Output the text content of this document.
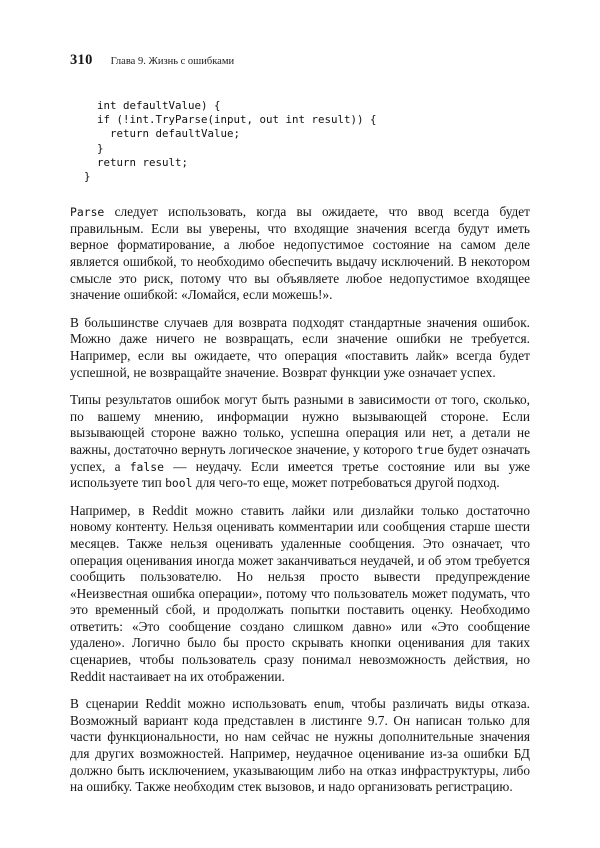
310 Глава 9. Жизнь с ошибками
int defaultValue) {
if (!int.TryParse(input, out int result)) {
return defaultValue;
}
return result;
}

Parse следует использовать, когда вы ожидаете, что ввод всегда будет правильным. Если вы уверены, что входящие значения всегда будут иметь верное форматирование, а любое недопустимое состояние на самом деле является ошибкой, то необходимо обеспечить выдачу исключений. В некотором смысле это риск, потому что вы объявляете любое недопустимое входящее значение ошибкой: «Ломайся, если можешь!».

В большинстве случаев для возврата подходят стандартные значения ошибок. Можно даже ничего не возвращать, если значение ошибки не требуется. Например, если вы ожидаете, что операция «поставить лайк» всегда будет успешной, не возвращайте значение. Возврат функции уже означает успех.

Типы результатов ошибок могут быть разными в зависимости от того, сколько, по вашему мнению, информации нужно вызывающей стороне. Если вызывающей стороне важно только, успешна операция или нет, а детали не важны, достаточно вернуть логическое значение, у которого true будет означать успех, а false — неудачу. Если имеется третье состояние или вы уже используете тип bool для чего-то еще, может потребоваться другой подход.

Например, в Reddit можно ставить лайки или дизлайки только достаточно новому контенту. Нельзя оценивать комментарии или сообщения старше шести месяцев. Также нельзя оценивать удаленные сообщения. Это означает, что операция оценивания иногда может заканчиваться неудачей, и об этом требуется сообщить пользователю. Но нельзя просто вывести предупреждение «Неизвестная ошибка операции», потому что пользователь может подумать, что это временный сбой, и продолжать попытки поставить оценку. Необходимо ответить: «Это сообщение создано слишком давно» или «Это сообщение удалено». Логично было бы просто скрывать кнопки оценивания для таких сценариев, чтобы пользователь сразу понимал невозможность действия, но Reddit настаивает на их отображении.

В сценарии Reddit можно использовать enum, чтобы различать виды отказа. Возможный вариант кода представлен в листинге 9.7. Он написан только для части функциональности, но нам сейчас не нужны дополнительные значения для других возможностей. Например, неудачное оценивание из-за ошибки БД должно быть исключением, указывающим либо на отказ инфраструктуры, либо на ошибку. Также необходим стек вызовов, и надо организовать регистрацию.
